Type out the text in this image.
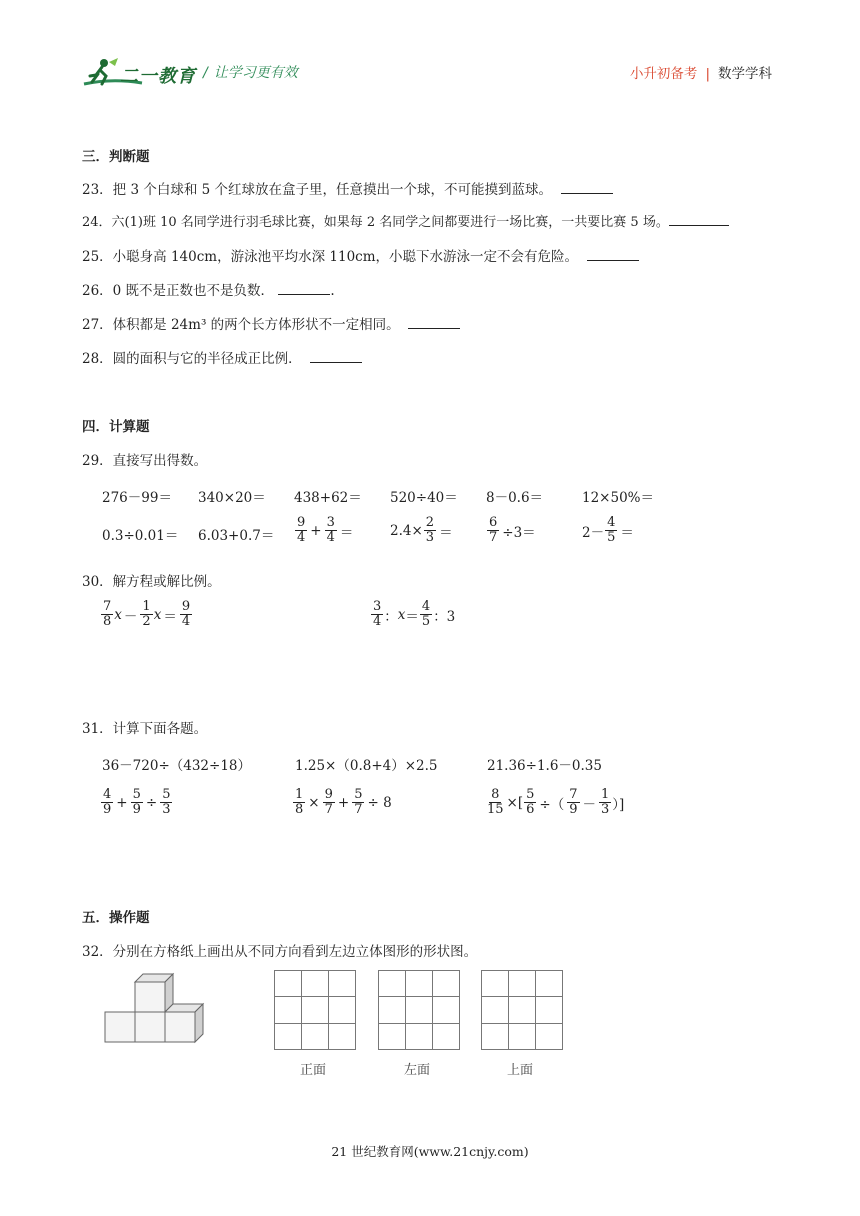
二一教育 / 让学习更有效	小升初备考 | 数学学科
三．判断题
23．把 3 个白球和 5 个红球放在盒子里，任意摸出一个球，不可能摸到蓝球。
24．六(1)班 10 名同学进行羽毛球比赛，如果每 2 名同学之间都要进行一场比赛，一共要比赛 5 场。
25．小聪身高 140cm，游泳池平均水深 110cm，小聪下水游泳一定不会有危险。
26．0 既不是正数也不是负数．	.
27．体积都是 24m³ 的两个长方体形状不一定相同。
28．圆的面积与它的半径成正比例．
四．计算题
29．直接写出得数。
276－99＝ 340×20＝ 438+62＝ 520÷40＝ 8－0.6＝	12×50%＝
$0.3\div 0.01= 6.03+0.7= \frac{9}{4} + \frac{3}{4}$ ＝	$2.4\times \frac{2}{3}$ ＝	$\frac{6}{7} \div 3=$	$2- \frac{4}{5}$ ＝
30．解方程或解比例。
$\frac{7}{8}$ $x - \frac{1}{2}$ $x = \frac{9}{4}$	$\frac{3}{4}$ ： $x = \frac{4}{5}$ ：3
31．计算下面各题。
36－720÷（432÷18）	1.25×（0.8+4）×2.5	21.36÷1.6－0.35
$\frac{4}{9} + \frac{5}{9} \div \frac{5}{3}$	$\frac{1}{8} \times \frac{9}{7} + \frac{5}{7} \div 8$	$\frac{8}{15}$ ×[ $\frac{5}{6}$ ÷（ $\frac{7}{9} - \frac{1}{3}$ ）]
五．操作题
32．分别在方格纸上画出从不同方向看到左边立体图形的形状图。
正面	左面	上面
21 世纪教育网(www.21cnjy.com)
